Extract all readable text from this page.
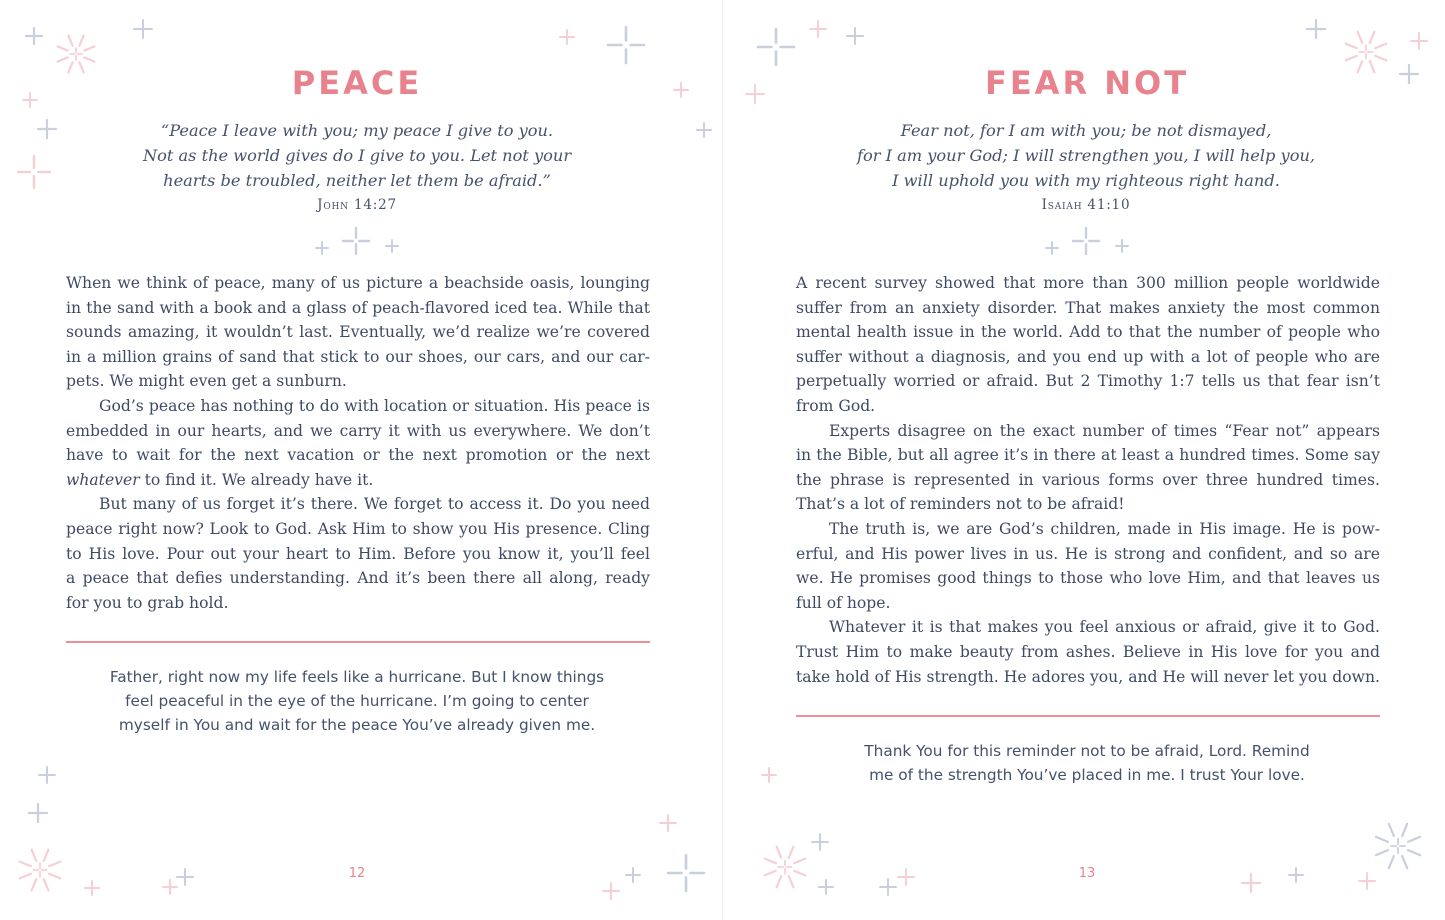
PEACE
“Peace I leave with you; my peace I give to you.
Not as the world gives do I give to you. Let not your
hearts be troubled, neither let them be afraid.”
John 14:27
When we think of peace, many of us picture a beachside oasis, lounging
in the sand with a book and a glass of peach-flavored iced tea. While that
sounds amazing, it wouldn’t last. Eventually, we’d realize we’re covered
in a million grains of sand that stick to our shoes, our cars, and our car-
pets. We might even get a sunburn.
God’s peace has nothing to do with location or situation. His peace is
embedded in our hearts, and we carry it with us everywhere. We don’t
have to wait for the next vacation or the next promotion or the next
whatever to find it. We already have it.
But many of us forget it’s there. We forget to access it. Do you need
peace right now? Look to God. Ask Him to show you His presence. Cling
to His love. Pour out your heart to Him. Before you know it, you’ll feel
a peace that defies understanding. And it’s been there all along, ready
for you to grab hold.
Father, right now my life feels like a hurricane. But I know things
feel peaceful in the eye of the hurricane. I’m going to center
myself in You and wait for the peace You’ve already given me.
12
FEAR NOT
Fear not, for I am with you; be not dismayed,
for I am your God; I will strengthen you, I will help you,
I will uphold you with my righteous right hand.
Isaiah 41:10
A recent survey showed that more than 300 million people worldwide
suffer from an anxiety disorder. That makes anxiety the most common
mental health issue in the world. Add to that the number of people who
suffer without a diagnosis, and you end up with a lot of people who are
perpetually worried or afraid. But 2 Timothy 1:7 tells us that fear isn’t
from God.
Experts disagree on the exact number of times “Fear not” appears
in the Bible, but all agree it’s in there at least a hundred times. Some say
the phrase is represented in various forms over three hundred times.
That’s a lot of reminders not to be afraid!
The truth is, we are God’s children, made in His image. He is pow-
erful, and His power lives in us. He is strong and confident, and so are
we. He promises good things to those who love Him, and that leaves us
full of hope.
Whatever it is that makes you feel anxious or afraid, give it to God.
Trust Him to make beauty from ashes. Believe in His love for you and
take hold of His strength. He adores you, and He will never let you down.
Thank You for this reminder not to be afraid, Lord. Remind
me of the strength You’ve placed in me. I trust Your love.
13
